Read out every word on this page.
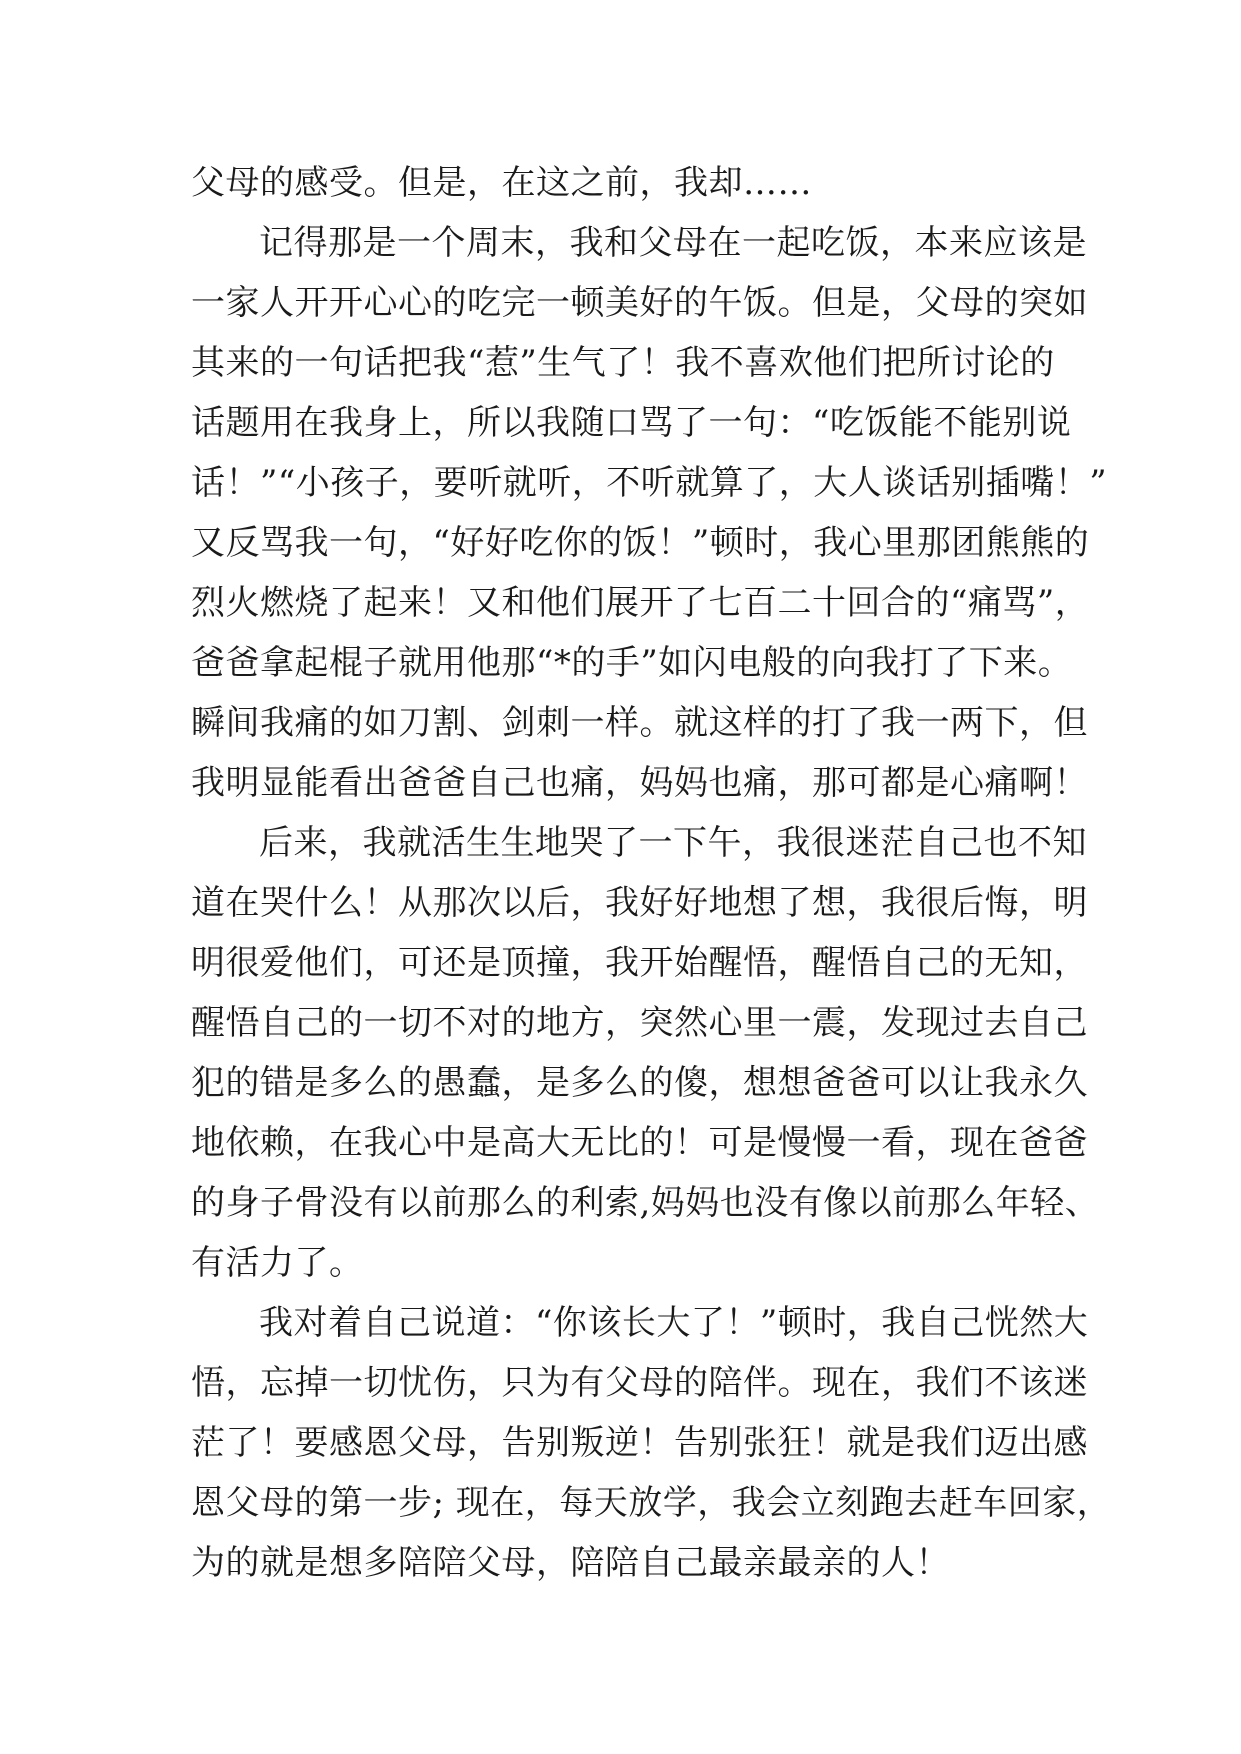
父母的感受。但是，在这之前，我却……
记得那是一个周末，我和父母在一起吃饭，本来应该是
一家人开开心心的吃完一顿美好的午饭。但是，父母的突如
其来的一句话把我“惹”生气了！我不喜欢他们把所讨论的
话题用在我身上，所以我随口骂了一句：“吃饭能不能别说
话！”“小孩子，要听就听，不听就算了，大人谈话别插嘴！”
又反骂我一句，“好好吃你的饭！”顿时，我心里那团熊熊的
烈火燃烧了起来！又和他们展开了七百二十回合的“痛骂”，
爸爸拿起棍子就用他那“*的手”如闪电般的向我打了下来。
瞬间我痛的如刀割、剑刺一样。就这样的打了我一两下，但
我明显能看出爸爸自己也痛，妈妈也痛，那可都是心痛啊！
后来，我就活生生地哭了一下午，我很迷茫自己也不知
道在哭什么！从那次以后，我好好地想了想，我很后悔，明
明很爱他们，可还是顶撞，我开始醒悟，醒悟自己的无知，
醒悟自己的一切不对的地方，突然心里一震，发现过去自己
犯的错是多么的愚蠢，是多么的傻，想想爸爸可以让我永久
地依赖，在我心中是高大无比的！可是慢慢一看，现在爸爸
的身子骨没有以前那么的利索,妈妈也没有像以前那么年轻、
有活力了。
我对着自己说道：“你该长大了！”顿时，我自己恍然大
悟，忘掉一切忧伤，只为有父母的陪伴。现在，我们不该迷
茫了！要感恩父母，告别叛逆！告别张狂！就是我们迈出感
恩父母的第一步; 现在，每天放学，我会立刻跑去赶车回家，
为的就是想多陪陪父母，陪陪自己最亲最亲的人！
